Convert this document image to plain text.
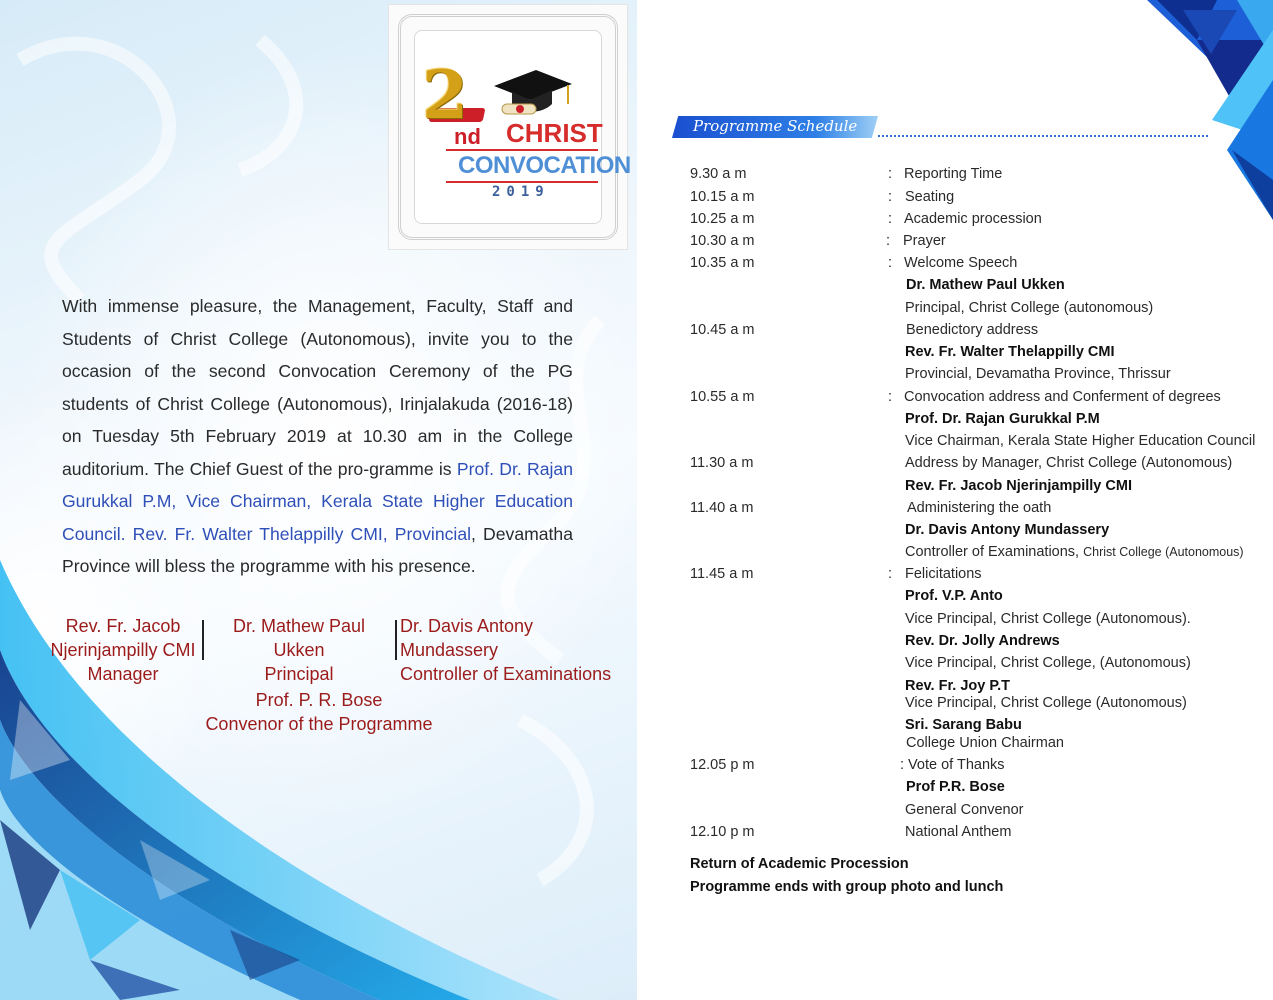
2
nd CHRIST
CONVOCATION
2019
With immense pleasure, the Management, Faculty, Staff and Students of Christ College (Autonomous), invite you to the occasion of the second Convocation Ceremony of the PG students of Christ College (Autonomous), Irinjalakuda (2016-18) on Tuesday 5th February 2019 at 10.30 am in the College auditorium. The Chief Guest of the pro-gramme is Prof. Dr. Rajan Gurukkal P.M, Vice Chairman, Kerala State Higher Education Council. Rev. Fr. Walter Thelappilly CMI, Provincial, Devamatha Province will bless the programme with his presence.
Rev. Fr. Jacob
Njerinjampilly CMI
Manager
Dr. Mathew Paul Ukken
Principal
Dr. Davis Antony Mundassery
Controller of Examinations
Prof. P. R. Bose
Convenor of the Programme
Programme Schedule
9.30 a m	: Reporting Time
10.15 a m	: Seating
10.25 a m	: Academic procession
10.30 a m	: Prayer
10.35 a m	: Welcome Speech
Dr. Mathew Paul Ukken
Principal, Christ College (autonomous)
10.45 a m	Benedictory address
Rev. Fr. Walter Thelappilly CMI
Provincial, Devamatha Province, Thrissur
10.55 a m	: Convocation address and Conferment of degrees
Prof. Dr. Rajan Gurukkal P.M
Vice Chairman, Kerala State Higher Education Council
11.30 a m	Address by Manager, Christ College (Autonomous)
Rev. Fr. Jacob Njerinjampilly CMI
11.40 a m	Administering the oath
Dr. Davis Antony Mundassery
Controller of Examinations, Christ College (Autonomous)
11.45 a m	: Felicitations
Prof. V.P. Anto
Vice Principal, Christ College (Autonomous).
Rev. Dr. Jolly Andrews
Vice Principal, Christ College, (Autonomous)
Rev. Fr. Joy P.T
Vice Principal, Christ College (Autonomous)
Sri. Sarang Babu
College Union Chairman
12.05 p m	: Vote of Thanks
Prof P.R. Bose
General Convenor
12.10 p m	National Anthem
Return of Academic Procession
Programme ends with group photo and lunch
